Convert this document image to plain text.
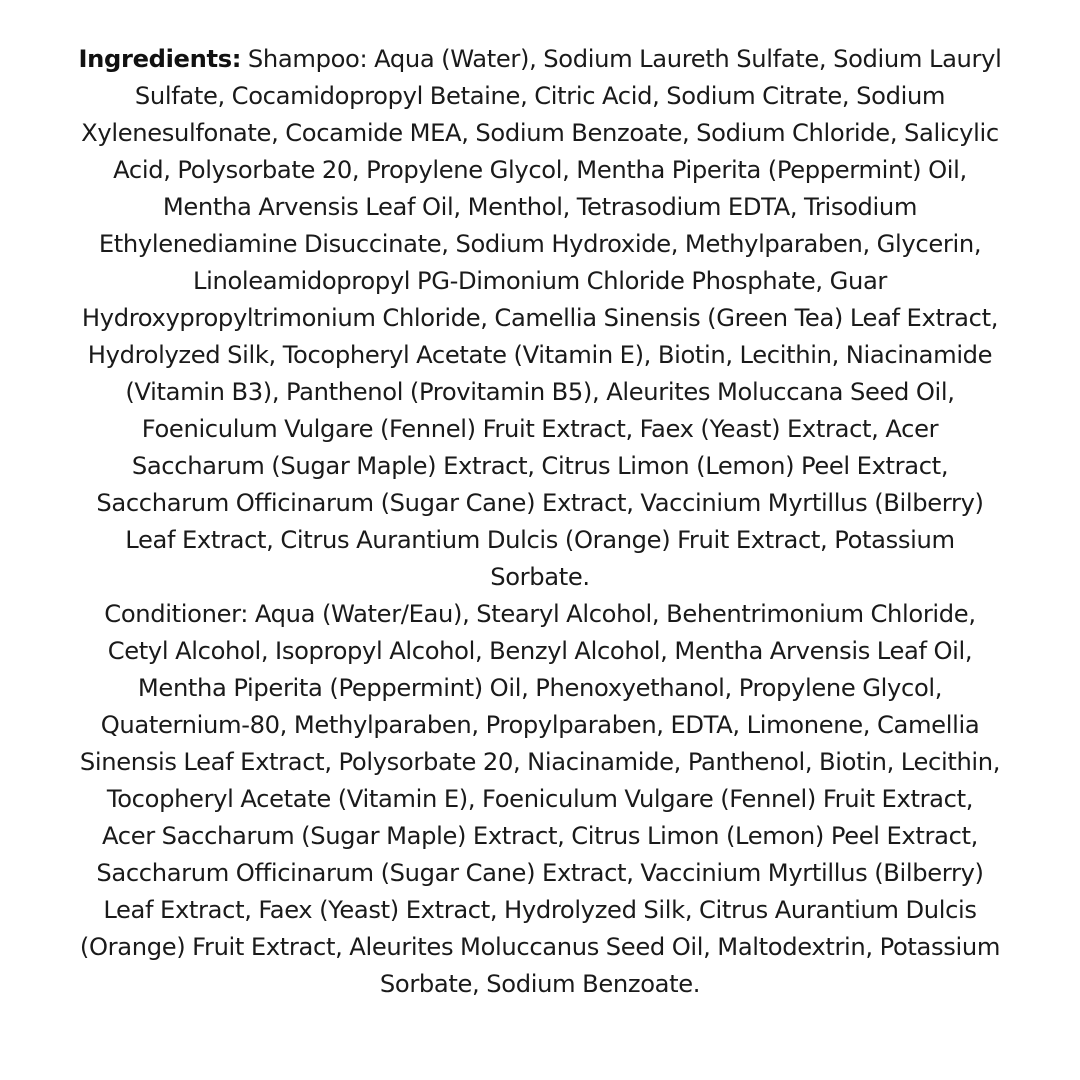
Ingredients: Shampoo: Aqua (Water), Sodium Laureth Sulfate, Sodium Lauryl Sulfate, Cocamidopropyl Betaine, Citric Acid, Sodium Citrate, Sodium Xylenesulfonate, Cocamide MEA, Sodium Benzoate, Sodium Chloride, Salicylic Acid, Polysorbate 20, Propylene Glycol, Mentha Piperita (Peppermint) Oil, Mentha Arvensis Leaf Oil, Menthol, Tetrasodium EDTA, Trisodium Ethylenediamine Disuccinate, Sodium Hydroxide, Methylparaben, Glycerin, Linoleamidopropyl PG-Dimonium Chloride Phosphate, Guar Hydroxypropyltrimonium Chloride, Camellia Sinensis (Green Tea) Leaf Extract, Hydrolyzed Silk, Tocopheryl Acetate (Vitamin E), Biotin, Lecithin, Niacinamide (Vitamin B3), Panthenol (Provitamin B5), Aleurites Moluccana Seed Oil, Foeniculum Vulgare (Fennel) Fruit Extract, Faex (Yeast) Extract, Acer Saccharum (Sugar Maple) Extract, Citrus Limon (Lemon) Peel Extract, Saccharum Officinarum (Sugar Cane) Extract, Vaccinium Myrtillus (Bilberry) Leaf Extract, Citrus Aurantium Dulcis (Orange) Fruit Extract, Potassium Sorbate.

Conditioner: Aqua (Water/Eau), Stearyl Alcohol, Behentrimonium Chloride, Cetyl Alcohol, Isopropyl Alcohol, Benzyl Alcohol, Mentha Arvensis Leaf Oil, Mentha Piperita (Peppermint) Oil, Phenoxyethanol, Propylene Glycol, Quaternium-80, Methylparaben, Propylparaben, EDTA, Limonene, Camellia Sinensis Leaf Extract, Polysorbate 20, Niacinamide, Panthenol, Biotin, Lecithin, Tocopheryl Acetate (Vitamin E), Foeniculum Vulgare (Fennel) Fruit Extract, Acer Saccharum (Sugar Maple) Extract, Citrus Limon (Lemon) Peel Extract, Saccharum Officinarum (Sugar Cane) Extract, Vaccinium Myrtillus (Bilberry) Leaf Extract, Faex (Yeast) Extract, Hydrolyzed Silk, Citrus Aurantium Dulcis (Orange) Fruit Extract, Aleurites Moluccanus Seed Oil, Maltodextrin, Potassium Sorbate, Sodium Benzoate.
